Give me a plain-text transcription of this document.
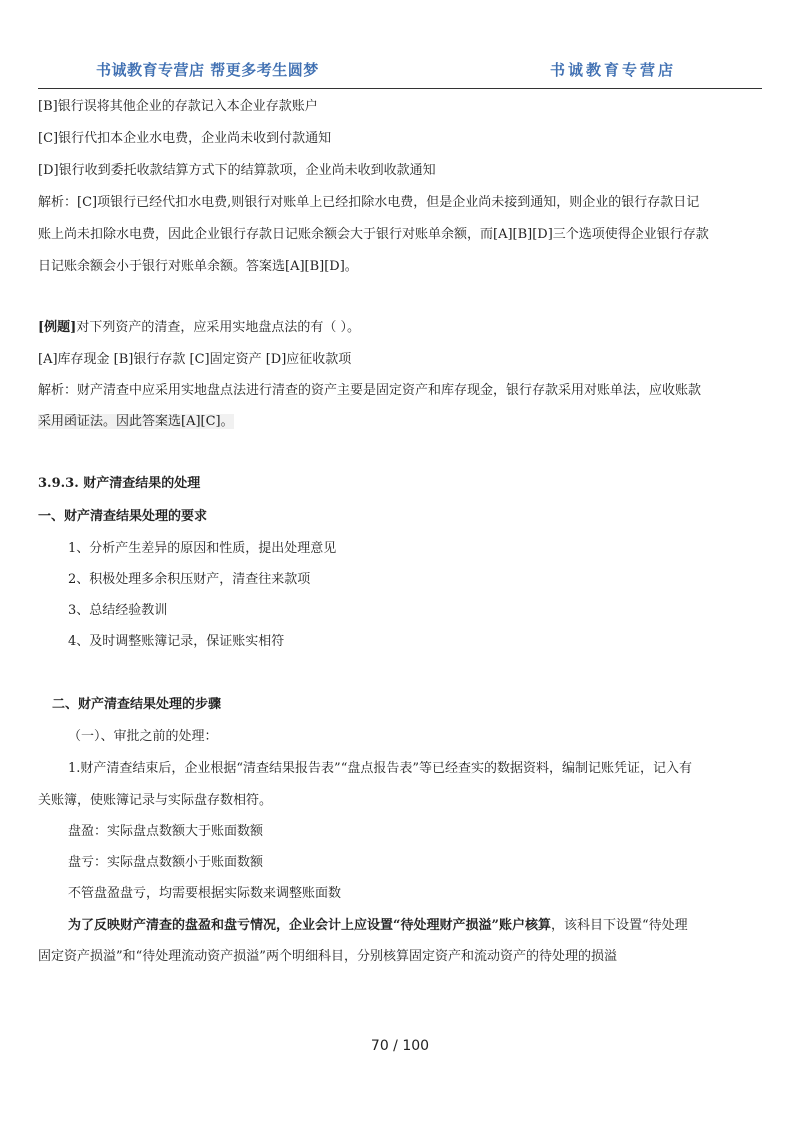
书诚教育专营店 帮更多考生圆梦	书诚教育专营店
[B]银行误将其他企业的存款记入本企业存款账户
[C]银行代扣本企业水电费，企业尚未收到付款通知
[D]银行收到委托收款结算方式下的结算款项，企业尚未收到收款通知
解析：[C]项银行已经代扣水电费,则银行对账单上已经扣除水电费，但是企业尚未接到通知，则企业的银行存款日记
账上尚未扣除水电费，因此企业银行存款日记账余额会大于银行对账单余额，而[A][B][D]三个选项使得企业银行存款
日记账余额会小于银行对账单余额。答案选[A][B][D]。
[例题]对下列资产的清查，应采用实地盘点法的有（ ）。
[A]库存现金 [B]银行存款 [C]固定资产 [D]应征收款项
解析：财产清查中应采用实地盘点法进行清查的资产主要是固定资产和库存现金，银行存款采用对账单法，应收账款
采用函证法。因此答案选[A][C]。
3.9.3. 财产清查结果的处理
一、财产清查结果处理的要求
1、分析产生差异的原因和性质，提出处理意见
2、积极处理多余积压财产，清查往来款项
3、总结经验教训
4、及时调整账簿记录，保证账实相符
二、财产清查结果处理的步骤
（一）、审批之前的处理：
1.财产清查结束后，企业根据“清查结果报告表”“盘点报告表”等已经查实的数据资料，编制记账凭证，记入有
关账簿，使账簿记录与实际盘存数相符。
盘盈：实际盘点数额大于账面数额
盘亏：实际盘点数额小于账面数额
不管盘盈盘亏，均需要根据实际数来调整账面数
为了反映财产清查的盘盈和盘亏情况，企业会计上应设置“待处理财产损溢”账户核算，该科目下设置“待处理
固定资产损溢”和“待处理流动资产损溢”两个明细科目，分别核算固定资产和流动资产的待处理的损溢
70 / 100
